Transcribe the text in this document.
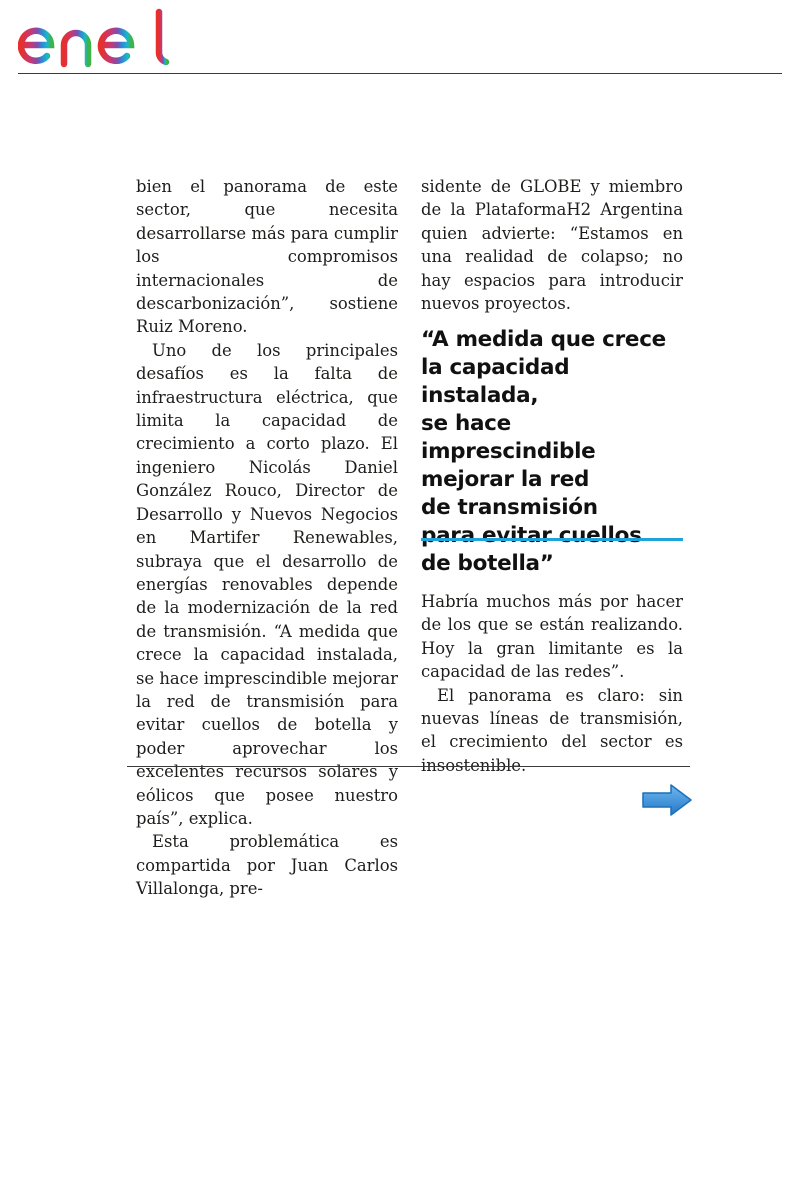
enel

bien el panorama de este sector, que necesita desarrollarse más para cumplir los compromisos internacionales de descarbonización”, sostiene Ruiz Moreno.

Uno de los principales desafíos es la falta de infraestructura eléctrica, que limita la capacidad de crecimiento a corto plazo. El ingeniero Nicolás Daniel González Rouco, Director de Desarrollo y Nuevos Negocios en Martifer Renewables, subraya que el desarrollo de energías renovables depende de la modernización de la red de transmisión. “A medida que crece la capacidad instalada, se hace imprescindible mejorar la red de transmisión para evitar cuellos de botella y poder aprovechar los excelentes recursos solares y eólicos que posee nuestro país”, explica.

Esta problemática es compartida por Juan Carlos Villalonga, pre-

sidente de GLOBE y miembro de la PlataformaH2 Argentina quien advierte: “Estamos en una realidad de colapso; no hay espacios para introducir nuevos proyectos.

“A medida que crece
la capacidad instalada,
se hace imprescindible
mejorar la red
de transmisión
para evitar cuellos
de botella”

Habría muchos más por hacer de los que se están realizando. Hoy la gran limitante es la capacidad de las redes”.

El panorama es claro: sin nuevas líneas de transmisión, el crecimiento del sector es insostenible.
